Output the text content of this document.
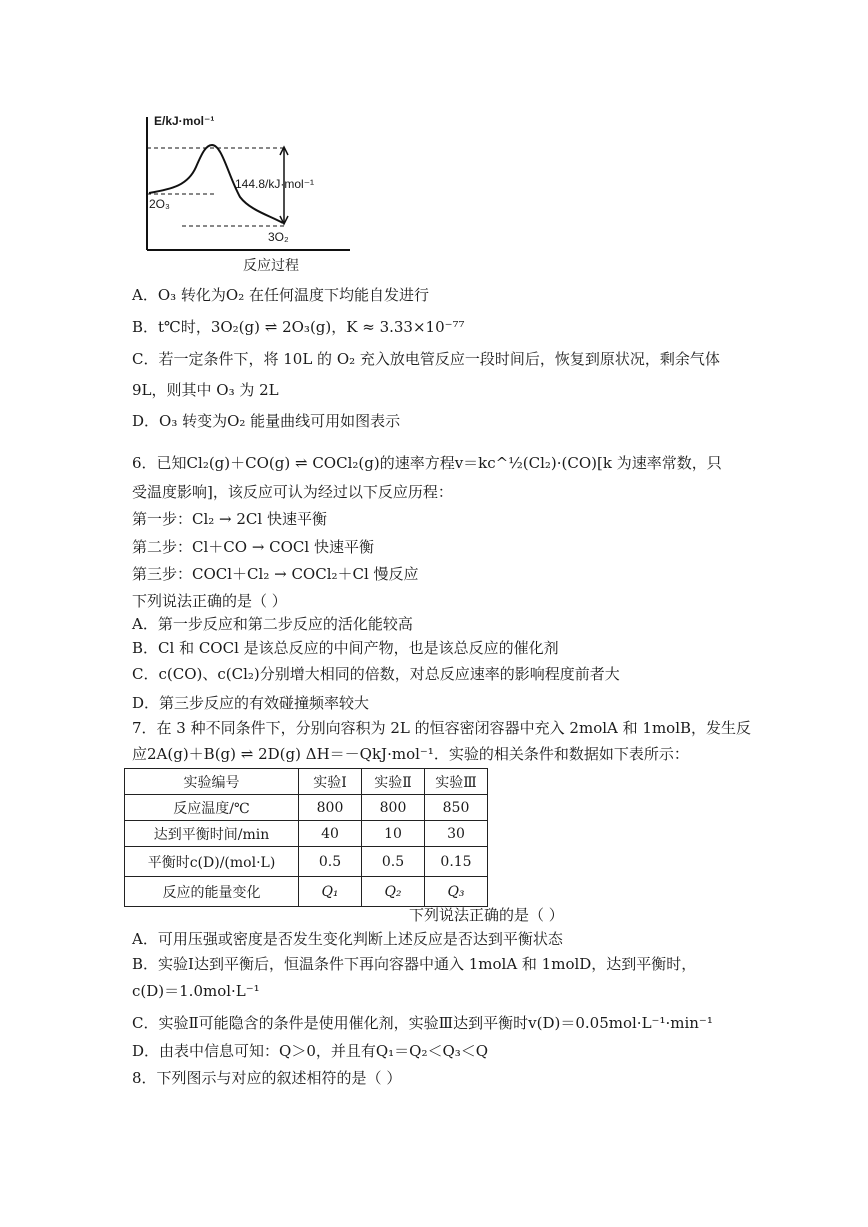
E/kJ·mol⁻¹
144.8/kJ·mol⁻¹
2O₃
3O₂
反应过程
A．O₃ 转化为O₂ 在任何温度下均能自发进行
B．t℃时，3O₂(g) ⇌ 2O₃(g)，K ≈ 3.33×10⁻⁷⁷
C．若一定条件下，将 10L 的 O₂ 充入放电管反应一段时间后，恢复到原状况，剩余气体
9L，则其中 O₃ 为 2L
D．O₃ 转变为O₂ 能量曲线可用如图表示
6．已知Cl₂(g)＋CO(g) ⇌ COCl₂(g)的速率方程v＝kc^½(Cl₂)·(CO)[k 为速率常数，只
受温度影响]，该反应可认为经过以下反应历程：
第一步：Cl₂ → 2Cl 快速平衡
第二步：Cl＋CO → COCl 快速平衡
第三步：COCl＋Cl₂ → COCl₂＋Cl 慢反应
下列说法正确的是（ ）
A．第一步反应和第二步反应的活化能较高
B．Cl 和 COCl 是该总反应的中间产物，也是该总反应的催化剂
C．c(CO)、c(Cl₂)分别增大相同的倍数，对总反应速率的影响程度前者大
D．第三步反应的有效碰撞频率较大
7．在 3 种不同条件下，分别向容积为 2L 的恒容密闭容器中充入 2molA 和 1molB，发生反
应2A(g)＋B(g) ⇌ 2D(g) ΔH＝－QkJ·mol⁻¹．实验的相关条件和数据如下表所示：
实验编号	实验Ⅰ	实验Ⅱ	实验Ⅲ
反应温度/℃	800	800	850
达到平衡时间/min	40	10	30
平衡时c(D)/(mol·L)	0.5	0.5	0.15
反应的能量变化	Q₁	Q₂	Q₃
下列说法正确的是（ ）
A．可用压强或密度是否发生变化判断上述反应是否达到平衡状态
B．实验Ⅰ达到平衡后，恒温条件下再向容器中通入 1molA 和 1molD，达到平衡时，
c(D)＝1.0mol·L⁻¹
C．实验Ⅱ可能隐含的条件是使用催化剂，实验Ⅲ达到平衡时v(D)＝0.05mol·L⁻¹·min⁻¹
D．由表中信息可知：Q＞0，并且有Q₁＝Q₂＜Q₃＜Q
8．下列图示与对应的叙述相符的是（ ）
